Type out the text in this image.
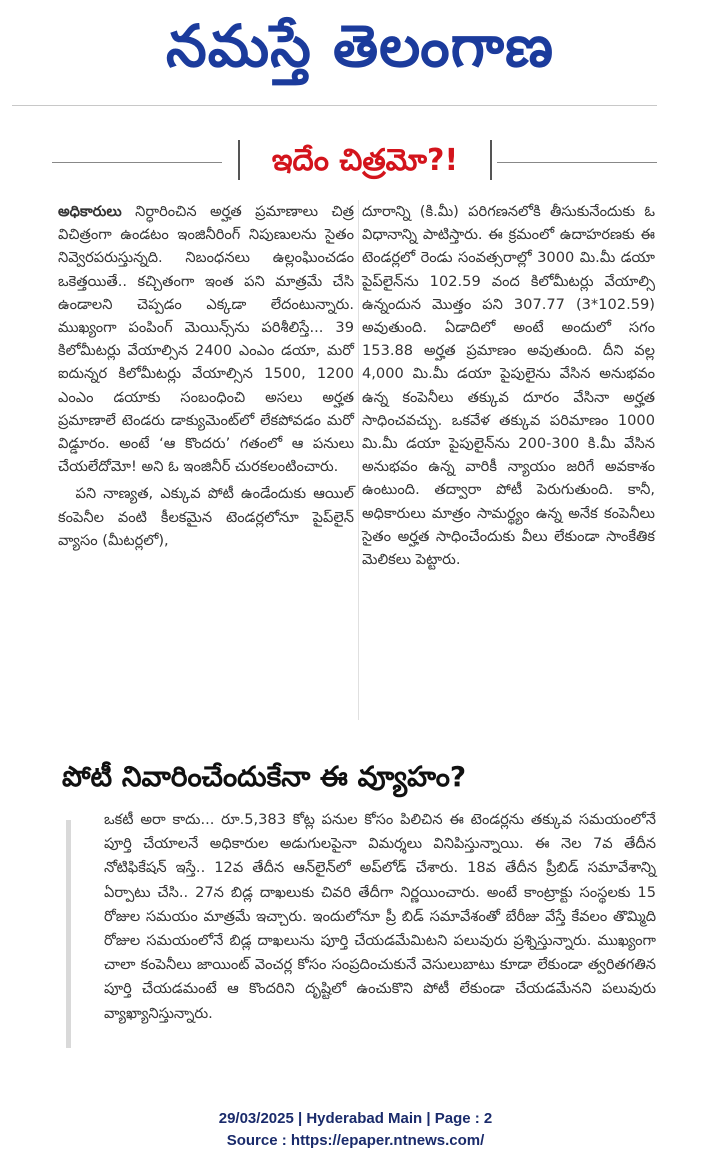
నమస్తే తెలంగాణ
ఇదేం చిత్రమో?!

అధికారులు నిర్ధారించిన అర్హత ప్రమాణాలు చిత్ర విచిత్రంగా ఉండటం ఇంజినీరింగ్ నిపుణులను సైతం నివ్వెరపరుస్తున్నది. నిబంధనలు ఉల్లంఘించడం ఒకెత్తయితే.. కచ్చితంగా ఇంత పని మాత్రమే చేసి ఉండాలని చెప్పడం ఎక్కడా లేదంటున్నారు. ముఖ్యంగా పంపింగ్ మెయిన్స్‌ను పరిశీలిస్తే... 39 కిలోమీటర్లు వేయాల్సిన 2400 ఎంఎం డయా, మరో ఐదున్నర కిలోమీటర్లు వేయాల్సిన 1500, 1200 ఎంఎం డయాకు సంబంధించి అసలు అర్హత ప్రమాణాలే టెండరు డాక్యుమెంట్‌లో లేకపోవడం మరో విడ్డూరం. అంటే ‘ఆ కొందరు’ గతంలో ఆ పనులు చేయలేదోమో! అని ఓ ఇంజినీర్ చురకలంటించారు.

పని నాణ్యత, ఎక్కువ పోటీ ఉండేందుకు ఆయిల్ కంపెనీల వంటి కీలకమైన టెండర్లలోనూ పైప్‌లైన్ వ్యాసం (మీటర్లలో),

దూరాన్ని (కి.మీ) పరిగణనలోకి తీసుకునేందుకు ఓ విధానాన్ని పాటిస్తారు. ఈ క్రమంలో ఉదాహరణకు ఈ టెండర్లలో రెండు సంవత్సరాల్లో 3000 మి.మీ డయా పైప్‌లైన్‌ను 102.59 వంద కిలోమీటర్లు వేయాల్సి ఉన్నందున మొత్తం పని 307.77 (3*102.59) అవుతుంది. ఏడాదిలో అంటే అందులో సగం 153.88 అర్హత ప్రమాణం అవుతుంది. దీని వల్ల 4,000 మి.మీ డయా పైపులైను వేసిన అనుభవం ఉన్న కంపెనీలు తక్కువ దూరం వేసినా అర్హత సాధించవచ్చు. ఒకవేళ తక్కువ పరిమాణం 1000 మి.మీ డయా పైపులైన్‌ను 200-300 కి.మీ వేసిన అనుభవం ఉన్న వారికీ న్యాయం జరిగే అవకాశం ఉంటుంది. తద్వారా పోటీ పెరుగుతుంది. కానీ, అధికారులు మాత్రం సామర్థ్యం ఉన్న అనేక కంపెనీలు సైతం అర్హత సాధించేందుకు వీలు లేకుండా సాంకేతిక మెలికలు పెట్టారు.

పోటీ నివారించేందుకేనా ఈ వ్యూహం?

ఒకటీ అరా కాదు... రూ.5,383 కోట్ల పనుల కోసం పిలిచిన ఈ టెండర్లను తక్కువ సమయంలోనే పూర్తి చేయాలనే అధికారుల అడుగులపైనా విమర్శలు వినిపిస్తున్నాయి. ఈ నెల 7వ తేదీన నోటిఫికేషన్ ఇస్తే.. 12వ తేదీన ఆన్‌లైన్‌లో అప్‌లోడ్ చేశారు. 18వ తేదీన ప్రీబిడ్ సమావేశాన్ని ఏర్పాటు చేసి.. 27న బిడ్ల దాఖలుకు చివరి తేదీగా నిర్ణయించారు. అంటే కాంట్రాక్టు సంస్థలకు 15 రోజుల సమయం మాత్రమే ఇచ్చారు. ఇందులోనూ ప్రీ బిడ్ సమావేశంతో బేరీజు వేస్తే కేవలం తొమ్మిది రోజుల సమయంలోనే బిడ్ల దాఖలును పూర్తి చేయడమేమిటని పలువురు ప్రశ్నిస్తున్నారు. ముఖ్యంగా చాలా కంపెనీలు జాయింట్ వెంచర్ల కోసం సంప్రదించుకునే వెసులుబాటు కూడా లేకుండా త్వరితగతిన పూర్తి చేయడమంటే ఆ కొందరిని దృష్టిలో ఉంచుకొని పోటీ లేకుండా చేయడమేనని పలువురు వ్యాఖ్యానిస్తున్నారు.

29/03/2025 | Hyderabad Main | Page : 2
Source : https://epaper.ntnews.com/
